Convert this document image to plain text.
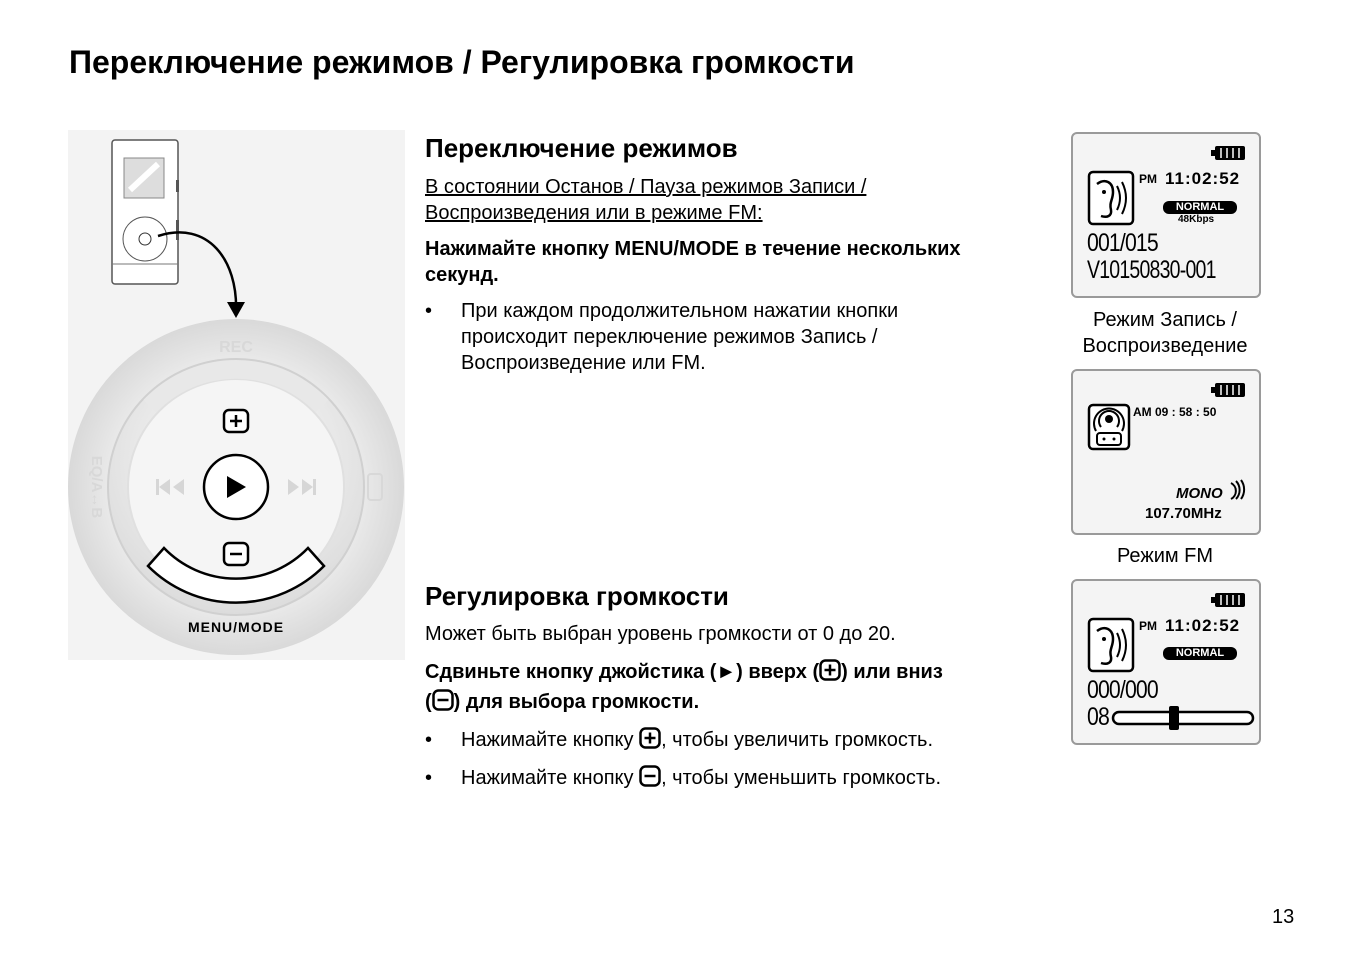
Переключение режимов / Регулировка громкости
REC
EQ/A↔B
MENU/MODE
Переключение режимов
В состоянии Останов / Пауза режимов Записи /
Воспроизведения или в режиме FM:
Нажимайте кнопку MENU/MODE в течение нескольких
секунд.
• При каждом продолжительном нажатии кнопки
происходит переключение режимов Запись /
Воспроизведение или FM.
Регулировка громкости
Может быть выбран уровень громкости от 0 до 20.
Сдвиньте кнопку джойстика (►) вверх ( ) или вниз
( ) для выбора громкости.
• Нажимайте кнопку , чтобы увеличить громкость.
• Нажимайте кнопку , чтобы уменьшить громкость.
PM 11:02:52
NORMAL
48Kbps
001/015
V10150830-001
Режим Запись /
Воспроизведение
AM 09 : 58 : 50
MONO
107.70MHz
Режим FM
PM 11:02:52
NORMAL
000/000
08
13
